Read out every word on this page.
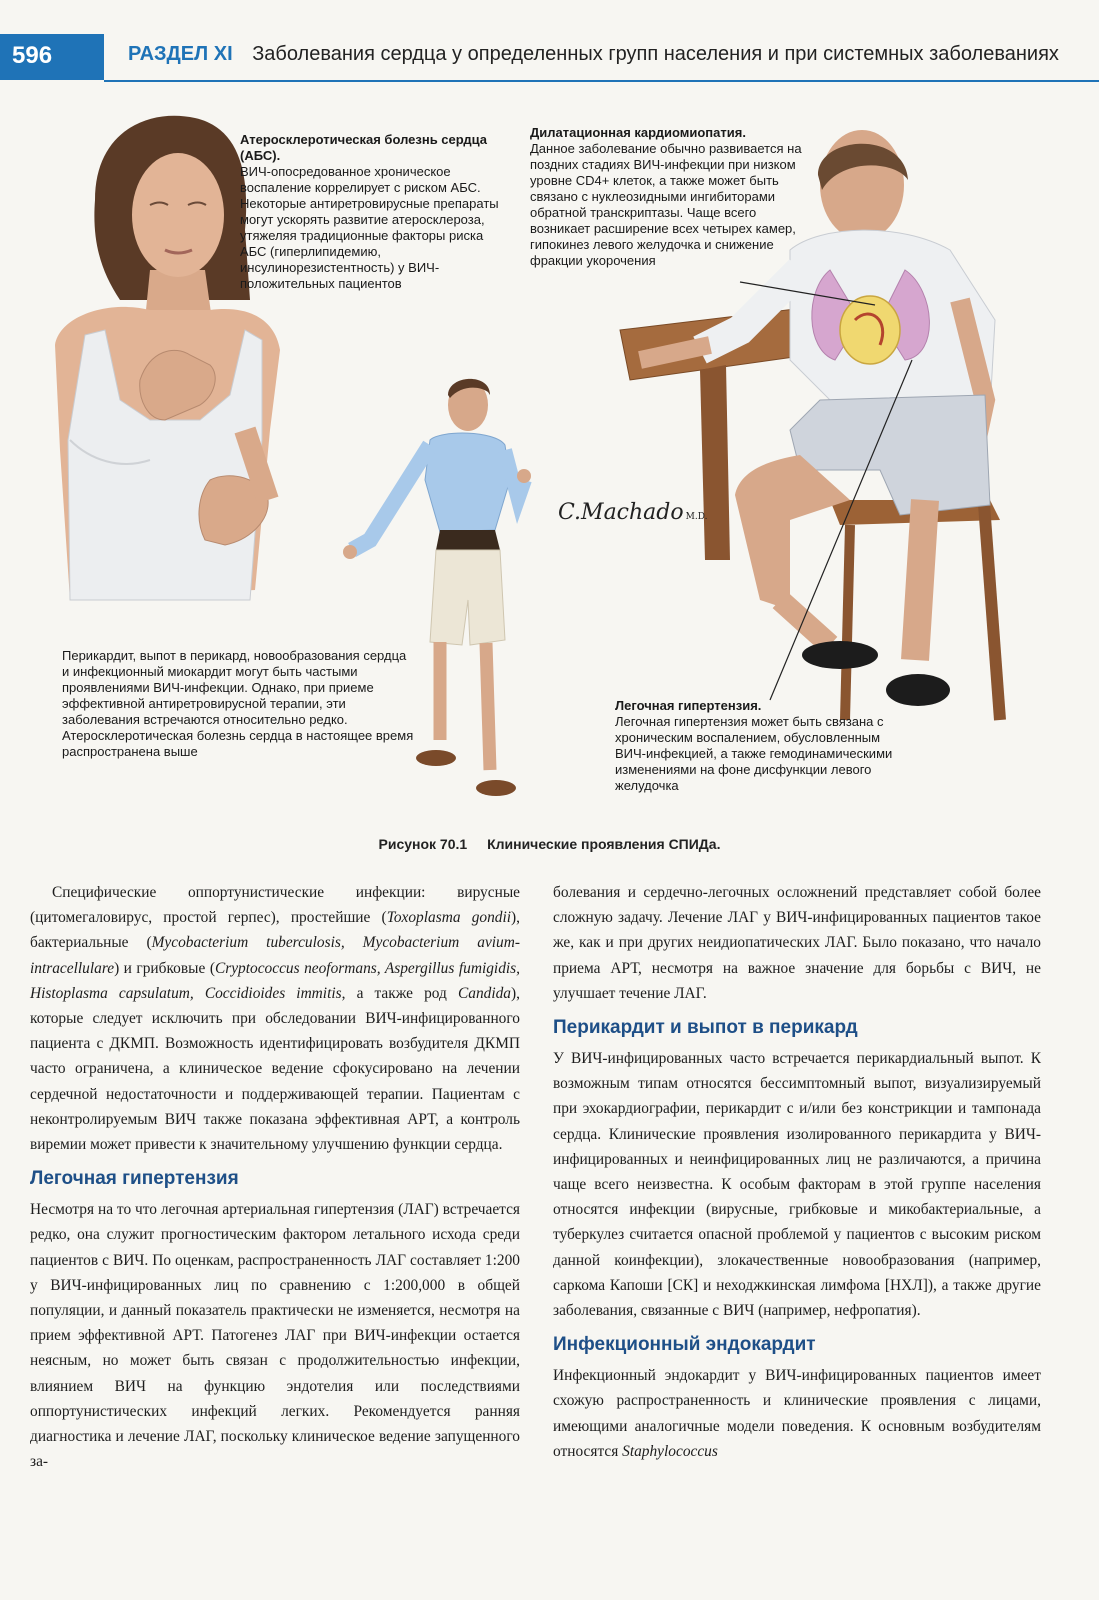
596	РАЗДЕЛ XI Заболевания сердца у определенных групп населения и при системных заболеваниях
Атеросклеротическая болезнь сердца (АБС).
ВИЧ-опосредованное хроническое воспаление коррелирует с риском АБС. Некоторые антиретровирусные препараты могут ускорять развитие атеросклероза, утяжеляя традиционные факторы риска АБС (гиперлипидемию, инсулинорезистентность) у ВИЧ-положительных пациентов
Дилатационная кардиомиопатия.
Данное заболевание обычно развивается на поздних стадиях ВИЧ-инфекции при низком уровне CD4+ клеток, а также может быть связано с нуклеозидными ингибиторами обратной транскриптазы. Чаще всего возникает расширение всех четырех камер, гипокинез левого желудочка и снижение фракции укорочения
Перикардит, выпот в перикард, новообразования сердца и инфекционный миокардит могут быть частыми проявлениями ВИЧ-инфекции. Однако, при приеме эффективной антиретровирусной терапии, эти заболевания встречаются относительно редко. Атеросклеротическая болезнь сердца в настоящее время распространена выше
Легочная гипертензия.
Легочная гипертензия может быть связана с хроническим воспалением, обусловленным ВИЧ-инфекцией, а также гемодинамическими изменениями на фоне дисфункции левого желудочка
C.Machado M.D.
Рисунок 70.1 Клинические проявления СПИДа.

Специфические оппортунистические инфекции: вирусные (цитомегаловирус, простой герпес), простейшие (Toxoplasma gondii), бактериальные (Mycobacterium tuberculosis, Mycobacterium avium-intracellulare) и грибковые (Cryptococcus neoformans, Aspergillus fumigidis, Histoplasma capsulatum, Coccidioides immitis, а также род Candida), которые следует исключить при обследовании ВИЧ-инфицированного пациента с ДКМП. Возможность идентифицировать возбудителя ДКМП часто ограничена, а клиническое ведение сфокусировано на лечении сердечной недостаточности и поддерживающей терапии. Пациентам с неконтролируемым ВИЧ также показана эффективная АРТ, а контроль виремии может привести к значительному улучшению функции сердца.

Легочная гипертензия

Несмотря на то что легочная артериальная гипертензия (ЛАГ) встречается редко, она служит прогностическим фактором летального исхода среди пациентов с ВИЧ. По оценкам, распространенность ЛАГ составляет 1:200 у ВИЧ-инфицированных лиц по сравнению с 1:200,000 в общей популяции, и данный показатель практически не изменяется, несмотря на прием эффективной АРТ. Патогенез ЛАГ при ВИЧ-инфекции остается неясным, но может быть связан с продолжительностью инфекции, влиянием ВИЧ на функцию эндотелия или последствиями оппортунистических инфекций легких. Рекомендуется ранняя диагностика и лечение ЛАГ, поскольку клиническое ведение запущенного за-

болевания и сердечно-легочных осложнений представляет собой более сложную задачу. Лечение ЛАГ у ВИЧ-инфицированных пациентов такое же, как и при других неидиопатических ЛАГ. Было показано, что начало приема АРТ, несмотря на важное значение для борьбы с ВИЧ, не улучшает течение ЛАГ.

Перикардит и выпот в перикард

У ВИЧ-инфицированных часто встречается перикардиальный выпот. К возможным типам относятся бессимптомный выпот, визуализируемый при эхокардиографии, перикардит с и/или без констрикции и тампонада сердца. Клинические проявления изолированного перикардита у ВИЧ-инфицированных и неинфицированных лиц не различаются, а причина чаще всего неизвестна. К особым факторам в этой группе населения относятся инфекции (вирусные, грибковые и микобактериальные, а туберкулез считается опасной проблемой у пациентов с высоким риском данной коинфекции), злокачественные новообразования (например, саркома Капоши [СК] и неходжкинская лимфома [НХЛ]), а также другие заболевания, связанные с ВИЧ (например, нефропатия).

Инфекционный эндокардит

Инфекционный эндокардит у ВИЧ-инфицированных пациентов имеет схожую распространенность и клинические проявления с лицами, имеющими аналогичные модели поведения. К основным возбудителям относятся Staphylococcus
